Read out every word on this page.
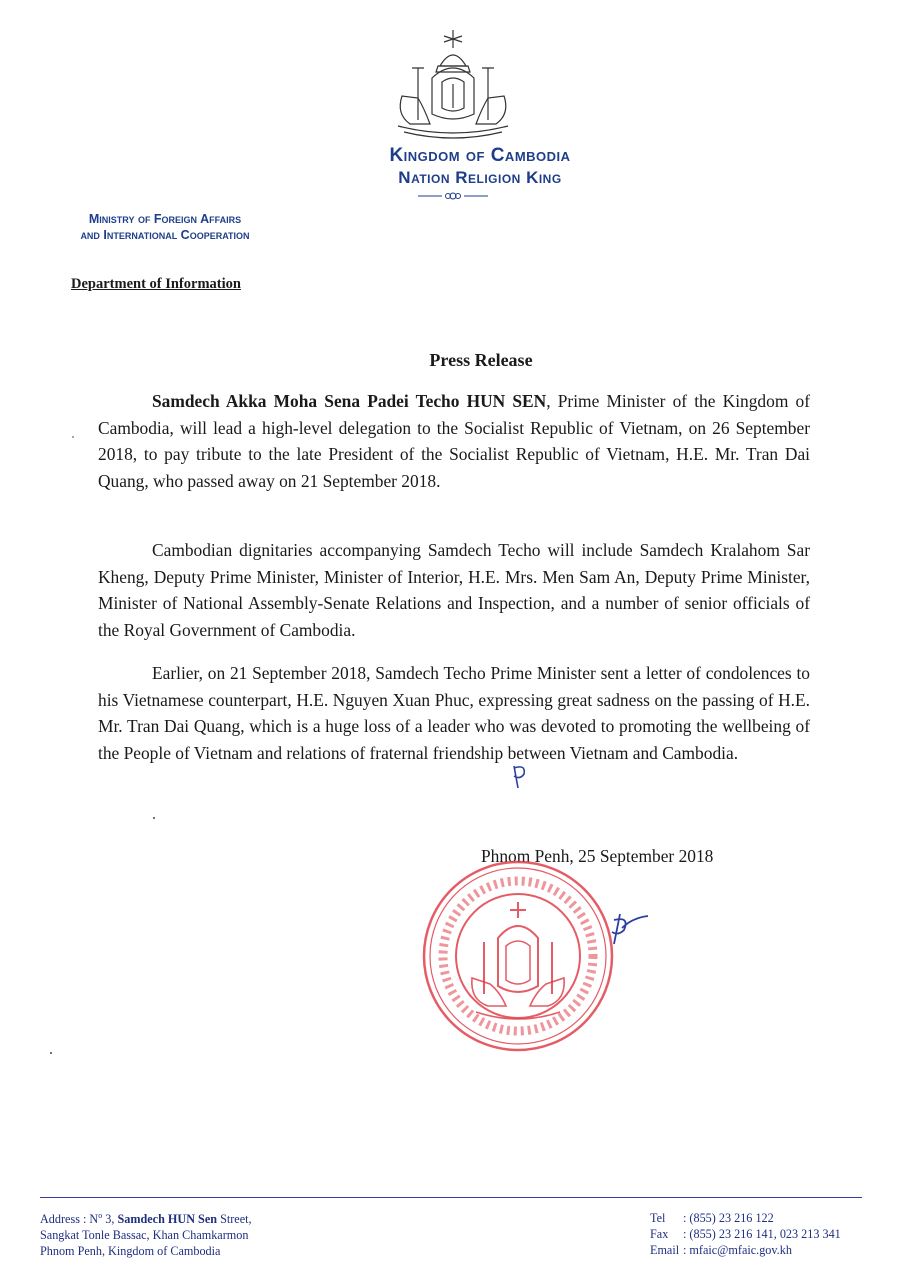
Kingdom of Cambodia
Nation Religion King
Ministry of Foreign Affairs
and International Cooperation
Department of Information
Press Release
Samdech Akka Moha Sena Padei Techo HUN SEN, Prime Minister of the Kingdom of Cambodia, will lead a high-level delegation to the Socialist Republic of Vietnam, on 26 September 2018, to pay tribute to the late President of the Socialist Republic of Vietnam, H.E. Mr. Tran Dai Quang, who passed away on 21 September 2018.
Cambodian dignitaries accompanying Samdech Techo will include Samdech Kralahom Sar Kheng, Deputy Prime Minister, Minister of Interior, H.E. Mrs. Men Sam An, Deputy Prime Minister, Minister of National Assembly-Senate Relations and Inspection, and a number of senior officials of the Royal Government of Cambodia.
Earlier, on 21 September 2018, Samdech Techo Prime Minister sent a letter of condolences to his Vietnamese counterpart, H.E. Nguyen Xuan Phuc, expressing great sadness on the passing of H.E. Mr. Tran Dai Quang, which is a huge loss of a leader who was devoted to promoting the wellbeing of the People of Vietnam and relations of fraternal friendship between Vietnam and Cambodia.
Phnom Penh, 25 September 2018
Address : $N^o$ 3, Samdech HUN Sen Street,
Sangkat Tonle Bassac, Khan Chamkarmon
Phnom Penh, Kingdom of Cambodia
Tel : (855) 23 216 122
Fax : (855) 23 216 141, 023 213 341
Email : mfaic@mfaic.gov.kh
